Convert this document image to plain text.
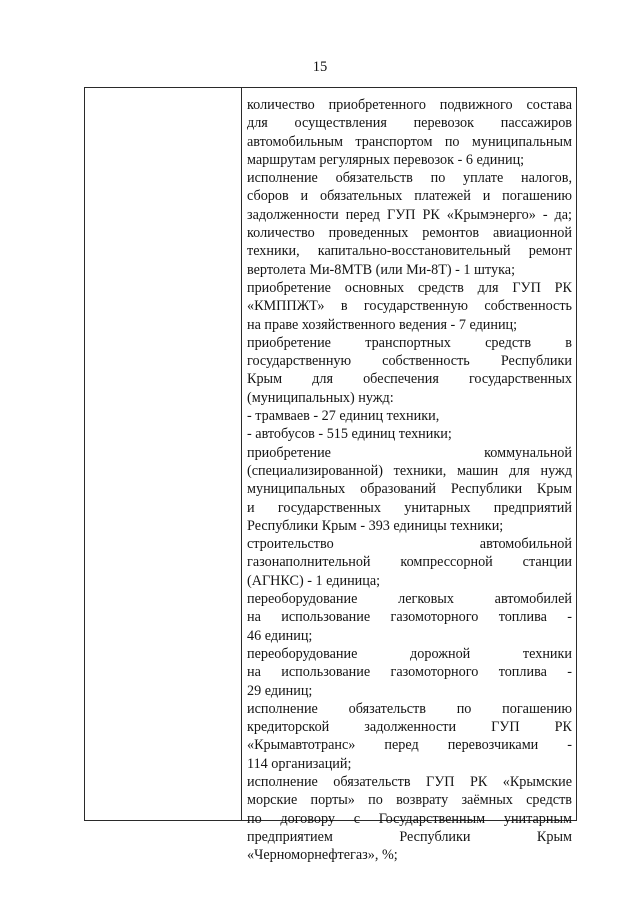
15
количество приобретенного подвижного состава
для осуществления перевозок пассажиров
автомобильным транспортом по муниципальным
маршрутам регулярных перевозок - 6 единиц;
исполнение обязательств по уплате налогов,
сборов и обязательных платежей и погашению
задолженности перед ГУП РК «Крымэнерго» - да;
количество проведенных ремонтов авиационной
техники, капитально-восстановительный ремонт
вертолета Ми-8МТВ (или Ми-8Т) - 1 штука;
приобретение основных средств для ГУП РК
«КМППЖТ» в государственную собственность
на праве хозяйственного ведения - 7 единиц;
приобретение транспортных средств в
государственную собственность Республики
Крым для обеспечения государственных
(муниципальных) нужд:
- трамваев - 27 единиц техники,
- автобусов - 515 единиц техники;
приобретение коммунальной
(специализированной) техники, машин для нужд
муниципальных образований Республики Крым
и государственных унитарных предприятий
Республики Крым - 393 единицы техники;
строительство автомобильной
газонаполнительной компрессорной станции
(АГНКС) - 1 единица;
переоборудование легковых автомобилей
на использование газомоторного топлива -
46 единиц;
переоборудование дорожной техники
на использование газомоторного топлива -
29 единиц;
исполнение обязательств по погашению
кредиторской задолженности ГУП РК
«Крымавтотранс» перед перевозчиками -
114 организаций;
исполнение обязательств ГУП РК «Крымские
морские порты» по возврату заёмных средств
по договору с Государственным унитарным
предприятием Республики Крым
«Черноморнефтегаз», %;
